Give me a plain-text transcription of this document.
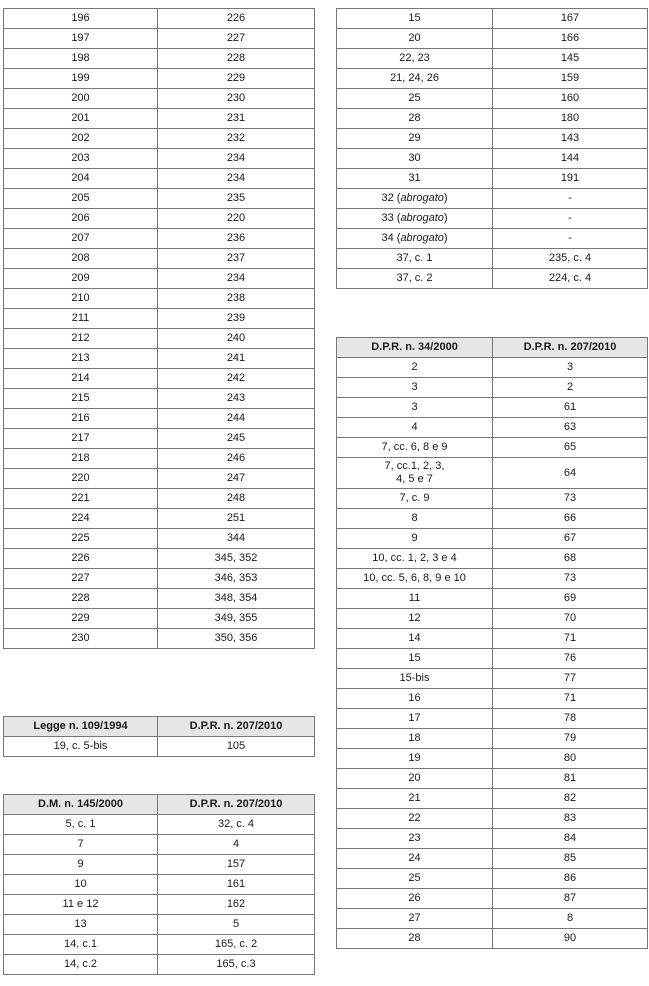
196	226
197	227
198	228
199	229
200	230
201	231
202	232
203	234
204	234
205	235
206	220
207	236
208	237
209	234
210	238
211	239
212	240
213	241
214	242
215	243
216	244
217	245
218	246
220	247
221	248
224	251
225	344
226	345, 352
227	346, 353
228	348, 354
229	349, 355
230	350, 356
Legge n. 109/1994	D.P.R. n. 207/2010
19, c. 5-bis	105
D.M. n. 145/2000	D.P.R. n. 207/2010
5, c. 1	32, c. 4
7	4
9	157
10	161
11 e 12	162
13	5
14, c.1	165, c. 2
14, c.2	165, c.3
15	167
20	166
22, 23	145
21, 24, 26	159
25	160
28	180
29	143
30	144
31	191
32 (abrogato)	-
33 (abrogato)	-
34 (abrogato)	-
37, c. 1	235, c. 4
37, c. 2	224, c. 4
D.P.R. n. 34/2000	D.P.R. n. 207/2010
2	3
3	2
3	61
4	63
7, cc. 6, 8 e 9	65

7, cc.1, 2, 3,
4, 5 e 7	64
7, c. 9	73
8	66
9	67
10, cc. 1, 2, 3 e 4	68
10, cc. 5, 6, 8, 9 e 10	73
11	69
12	70
14	71
15	76
15-bis	77
16	71
17	78
18	79
19	80
20	81
21	82
22	83
23	84
24	85
25	86
26	87
27	8
28	90
